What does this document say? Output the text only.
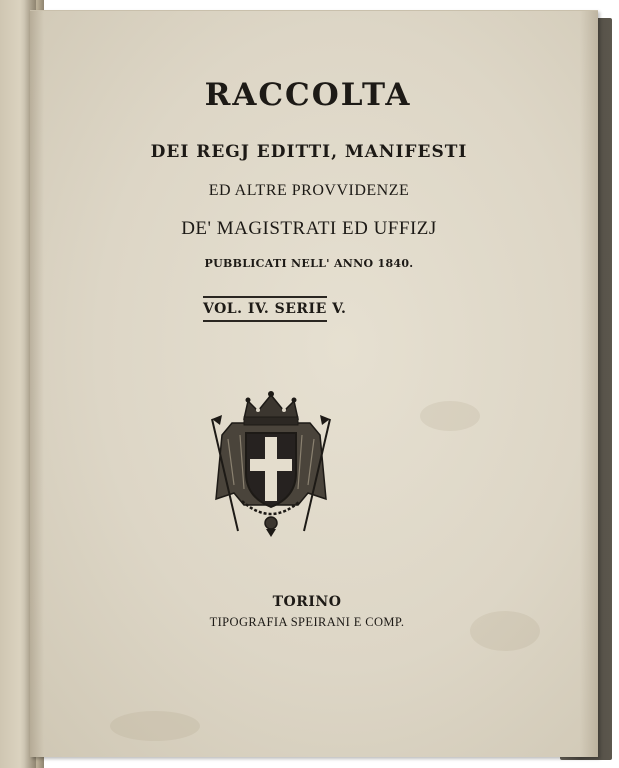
RACCOLTA

DEI REGJ EDITTI, MANIFESTI

ED ALTRE PROVVIDENZE

DE' MAGISTRATI ED UFFIZJ

PUBBLICATI NELL' ANNO 1840.

VOL. IV. SERIE V.

TORINO

TIPOGRAFIA SPEIRANI E COMP.
